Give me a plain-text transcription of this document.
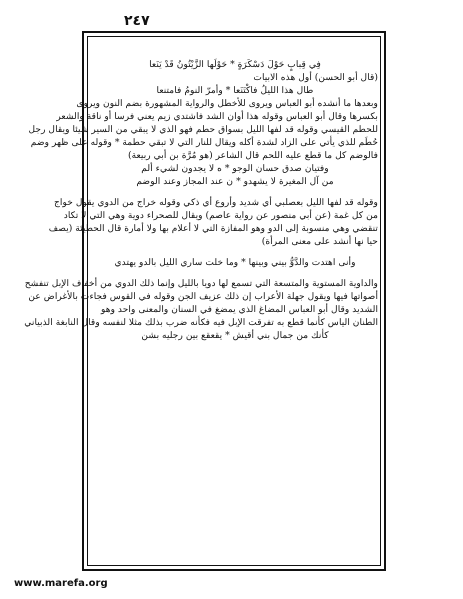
٢٤٧
فِي قِبابٍ حَوْلَ دَسْكَرَةٍ * حَوْلَها الزَّيْتُونُ قَدْ يَنَعا
(قال أبو الحسن) أول هذه الابيات
طال هذا الليلُ فاكْتَنَعا * وأمرّ النومُ فامتنعا
وبعدها ما أنشده أبو العباس ويروى للأخطل والرواية المشهورة بضم النون ويروى
بكسرها وقال أبو العباس وقوله هذا أوان الشد فاشتدي زيم يعني فرسا أو ناقة والشعر
للحطم القيسي وقوله قد لفها الليل بسواق حطم فهو الذي لا يبقي من السير شيئا ويقال رجل
حُطَم للذي يأتي على الزاد لشدة أكله ويقال للنار التي لا تبقي حطمة * وقوله على ظهر وضم
فالوضم كل ما قطع عليه اللحم قال الشاعر (هو مُرَّة بن أبي ربيعة)
وفتيان صدق حسان الوجو * ه لا يجدون لشيء ألم
من آل المغيرة لا يشهدو * ن عند المجاز وعند الوضم
وقوله قد لفها الليل بعصلبي أي شديد وأروع أي ذكي وقوله خراج من الدوي يقول خواج
من كل غمة (عن أبي منصور عن رواية عاصم) ويقال للصحراء دوية وهي التي لا تكاد
تنقضي وهي منسوبة إلى الدو وهو المفازة التي لا أعلام بها ولا أمارة قال الحطيئة (يصف
حيا نها أنشد على معنى المرأة)
وأنى اهتدت والدَّوُّ بيني وبينها * وما خلت ساري الليل بالدو يهتدي
والداوية المستوية والمتسعة التي تسمع لها دويا بالليل وإنما ذلك الدوي من أخفاف الإبل تنفشح
أصواتها فيها ويقول جهلة الأعراب إن ذلك عزيف الجن وقوله في القوس فجاءت بالأغراض عن
الشديد وقال أبو العباس المضاغ الذي يمضغ في السنان والمعنى واحد وهو
الطنان الياس كأنما قطع به تفرقت الإبل فيه فكأنه ضرب بذلك مثلا لنفسه وقال النابغة الذبياني
كأنك من جمال بني أقيش * يقعقع بين رجليه بشن
www.marefa.org
